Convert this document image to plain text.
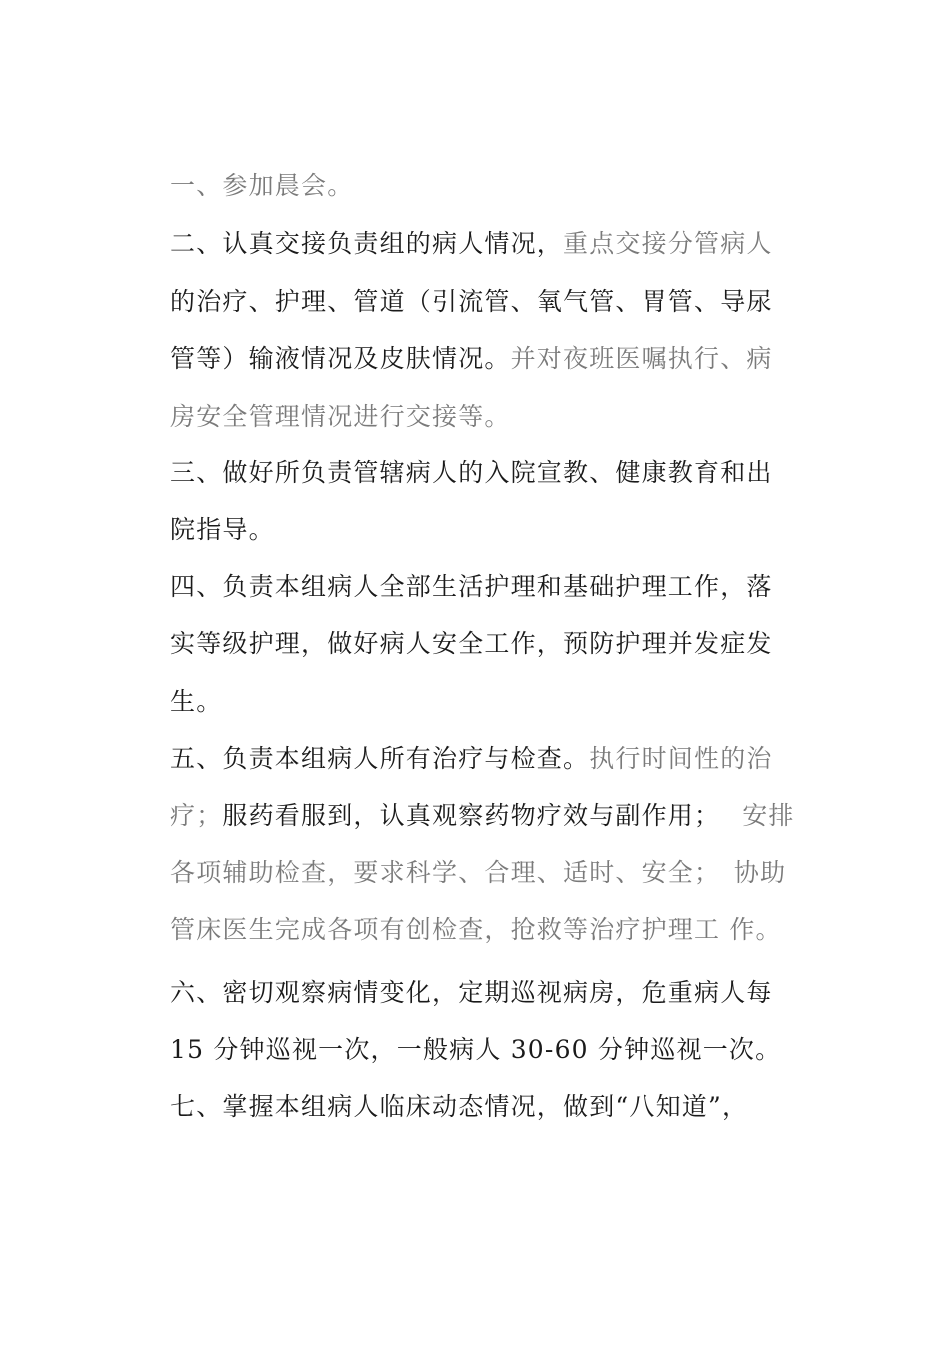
一、参加晨会。
二、认真交接负责组的病人情况，重点交接分管病人
的治疗、护理、管道（引流管、氧气管、胃管、导尿
管等）输液情况及皮肤情况。并对夜班医嘱执行、病
房安全管理情况进行交接等。
三、做好所负责管辖病人的入院宣教、健康教育和出
院指导。
四、负责本组病人全部生活护理和基础护理工作，落
实等级护理，做好病人安全工作，预防护理并发症发
生。
五、负责本组病人所有治疗与检查。执行时间性的治
疗；服药看服到，认真观察药物疗效与副作用； 安排
各项辅助检查，要求科学、合理、适时、安全；　协助
管床医生完成各项有创检查，抢救等治疗护理工 作。
六、密切观察病情变化，定期巡视病房，危重病人每
15 分钟巡视一次，一般病人 30-60 分钟巡视一次。
七、掌握本组病人临床动态情况，做到“八知道”，
